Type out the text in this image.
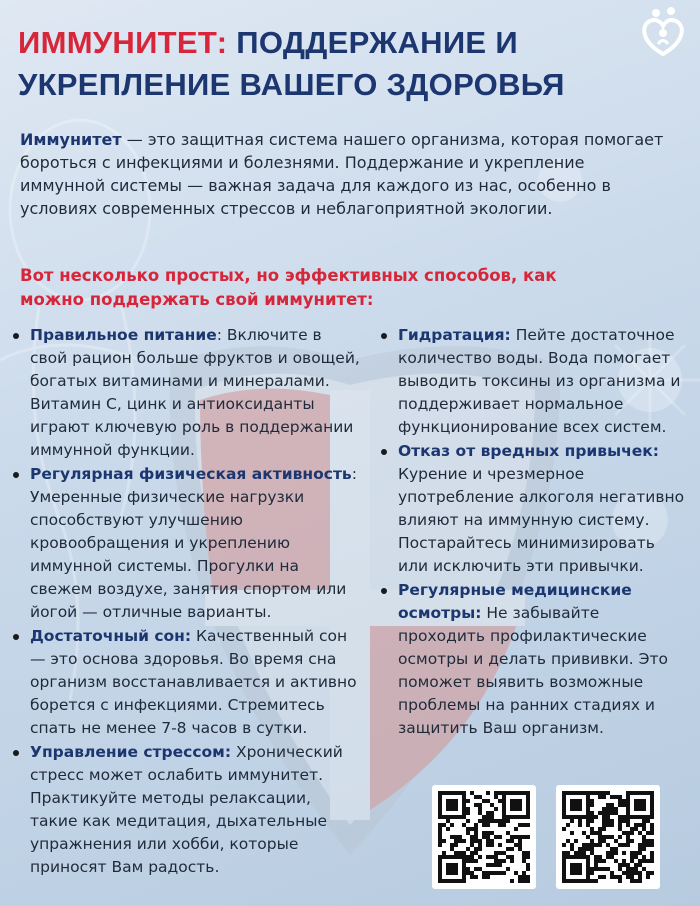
ИММУНИТЕТ: ПОДДЕРЖАНИЕ И УКРЕПЛЕНИЕ ВАШЕГО ЗДОРОВЬЯ

Иммунитет — это защитная система нашего организма, которая помогает бороться с инфекциями и болезнями. Поддержание и укрепление иммунной системы — важная задача для каждого из нас, особенно в условиях современных стрессов и неблагоприятной экологии.

Вот несколько простых, но эффективных способов, как можно поддержать свой иммунитет:

Правильное питание: Включите в свой рацион больше фруктов и овощей, богатых витаминами и минералами. Витамин С, цинк и антиоксиданты играют ключевую роль в поддержании иммунной функции.
Регулярная физическая активность: Умеренные физические нагрузки способствуют улучшению кровообращения и укреплению иммунной системы. Прогулки на свежем воздухе, занятия спортом или йогой — отличные варианты.
Достаточный сон: Качественный сон — это основа здоровья. Во время сна организм восстанавливается и активно борется с инфекциями. Стремитесь спать не менее 7-8 часов в сутки.
Управление стрессом: Хронический стресс может ослабить иммунитет. Практикуйте методы релаксации, такие как медитация, дыхательные упражнения или хобби, которые приносят Вам радость.
Гидратация: Пейте достаточное количество воды. Вода помогает выводить токсины из организма и поддерживает нормальное функционирование всех систем.
Отказ от вредных привычек: Курение и чрезмерное употребление алкоголя негативно влияют на иммунную систему. Постарайтесь минимизировать или исключить эти привычки.
Регулярные медицинские осмотры: Не забывайте проходить профилактические осмотры и делать прививки. Это поможет выявить возможные проблемы на ранних стадиях и защитить Ваш организм.
